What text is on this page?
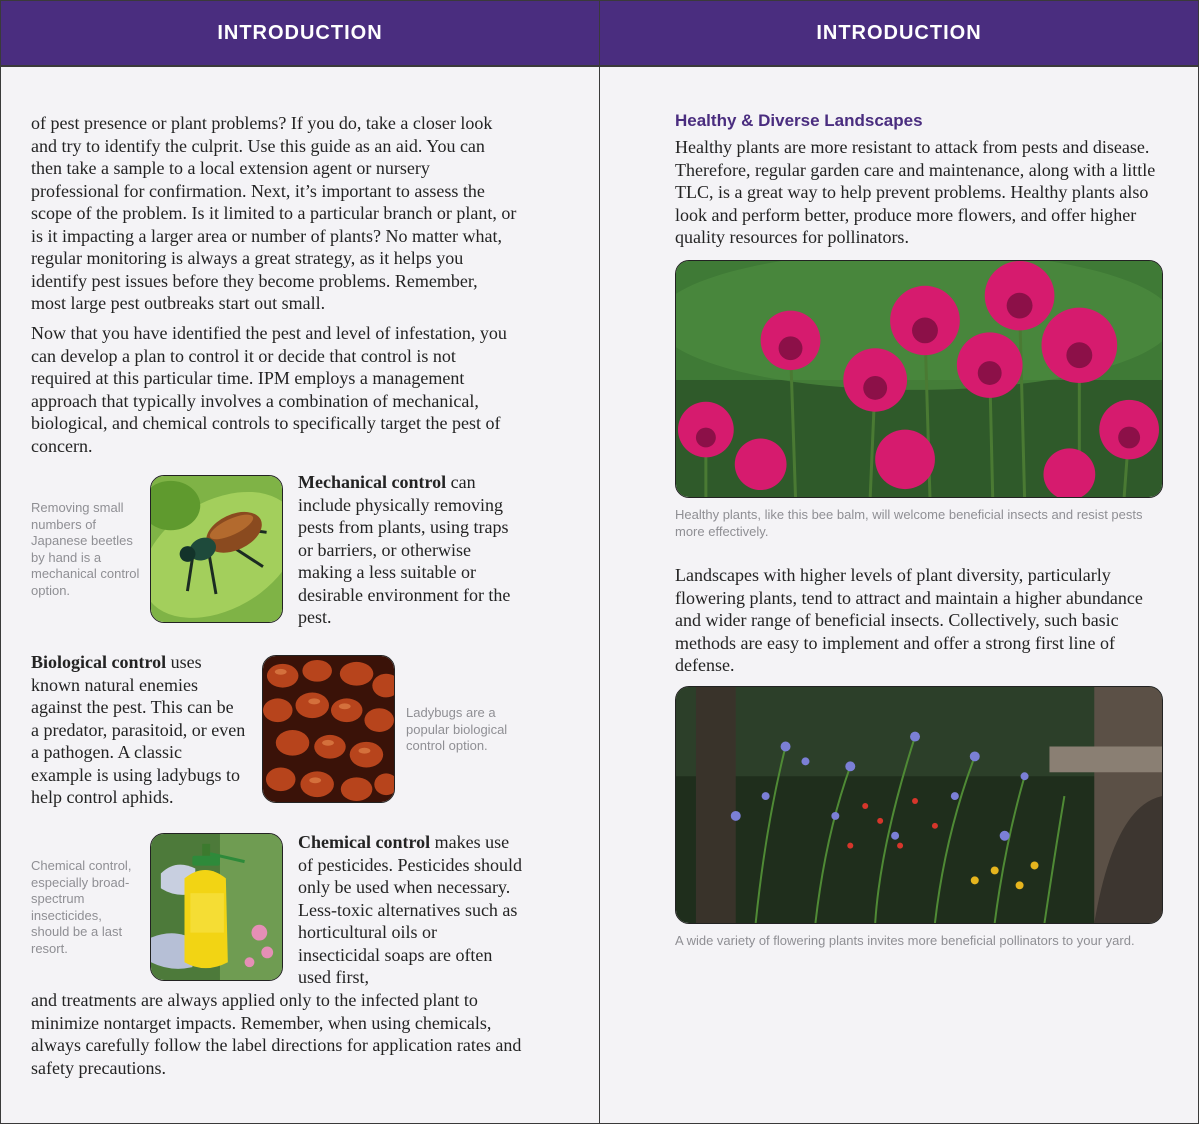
INTRODUCTION

of pest presence or plant problems? If you do, take a closer look and try to identify the culprit. Use this guide as an aid. You can then take a sample to a local extension agent or nursery professional for confirmation. Next, it’s important to assess the scope of the problem. Is it limited to a particular branch or plant, or is it impacting a larger area or number of plants? No matter what, regular monitoring is always a great strategy, as it helps you identify pest issues before they become problems. Remember, most large pest outbreaks start out small.

Now that you have identified the pest and level of infestation, you can develop a plan to control it or decide that control is not required at this particular time. IPM employs a management approach that typically involves a combination of mechanical, biological, and chemical controls to specifically target the pest of concern.

Removing small numbers of Japanese beetles by hand is a mechanical control option.

Mechanical control can include physically removing pests from plants, using traps or barriers, or otherwise making a less suitable or desirable environment for the pest.

Biological control uses known natural enemies against the pest. This can be a predator, parasitoid, or even a pathogen. A classic example is using ladybugs to help control aphids.

Ladybugs are a popular biological control option.

Chemical control, especially broad-spectrum insecticides, should be a last resort.

Chemical control makes use of pesticides. Pesticides should only be used when necessary. Less-toxic alternatives such as horticultural oils or insecticidal soaps are often used first,

and treatments are always applied only to the infected plant to minimize nontarget impacts. Remember, when using chemicals, always carefully follow the label directions for application rates and safety precautions.

INTRODUCTION
Healthy & Diverse Landscapes

Healthy plants are more resistant to attack from pests and disease. Therefore, regular garden care and maintenance, along with a little TLC, is a great way to help prevent problems. Healthy plants also look and perform better, produce more flowers, and offer higher quality resources for pollinators.

Healthy plants, like this bee balm, will welcome beneficial insects and resist pests more effectively.

Landscapes with higher levels of plant diversity, particularly flowering plants, tend to attract and maintain a higher abundance and wider range of beneficial insects. Collectively, such basic methods are easy to implement and offer a strong first line of defense.

A wide variety of flowering plants invites more beneficial pollinators to your yard.
